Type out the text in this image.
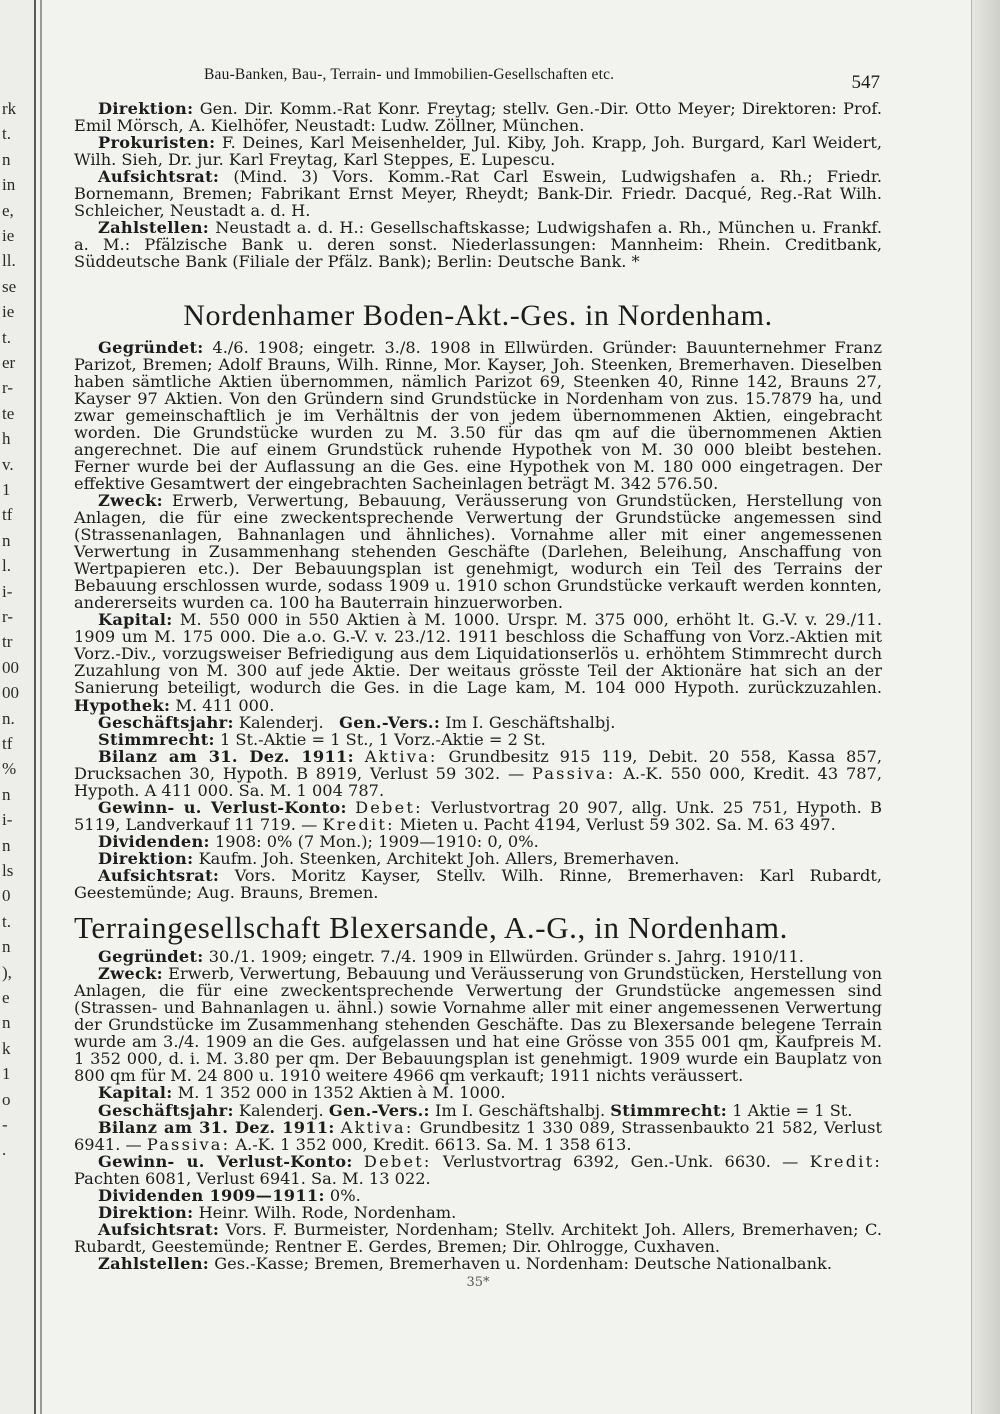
rk
t.
n
in
e,
ie
ll.
se
ie
t.
er
r-
te
h
v.
1
tf
n
l.
i-
r-
tr
00
00
n.
tf
%
n
i-
n
ls
0
t.
n
),
e
n
k
1
o
-
.
Bau-Banken, Bau-, Terrain- und Immobilien-Gesellschaften etc.	547

Direktion: Gen. Dir. Komm.-Rat Konr. Freytag; stellv. Gen.-Dir. Otto Meyer; Direktoren: Prof. Emil Mörsch, A. Kielhöfer, Neustadt: Ludw. Zöllner, München.

Prokuristen: F. Deines, Karl Meisenhelder, Jul. Kiby, Joh. Krapp, Joh. Burgard, Karl Weidert, Wilh. Sieh, Dr. jur. Karl Freytag, Karl Steppes, E. Lupescu.

Aufsichtsrat: (Mind. 3) Vors. Komm.-Rat Carl Eswein, Ludwigshafen a. Rh.; Friedr. Bornemann, Bremen; Fabrikant Ernst Meyer, Rheydt; Bank-Dir. Friedr. Dacqué, Reg.-Rat Wilh. Schleicher, Neustadt a. d. H.

Zahlstellen: Neustadt a. d. H.: Gesellschaftskasse; Ludwigshafen a. Rh., München u. Frankf. a. M.: Pfälzische Bank u. deren sonst. Niederlassungen: Mannheim: Rhein. Creditbank, Süddeutsche Bank (Filiale der Pfälz. Bank); Berlin: Deutsche Bank. *

Nordenhamer Boden-Akt.-Ges. in Nordenham.

Gegründet: 4./6. 1908; eingetr. 3./8. 1908 in Ellwürden. Gründer: Bauunternehmer Franz Parizot, Bremen; Adolf Brauns, Wilh. Rinne, Mor. Kayser, Joh. Steenken, Bremerhaven. Dieselben haben sämtliche Aktien übernommen, nämlich Parizot 69, Steenken 40, Rinne 142, Brauns 27, Kayser 97 Aktien. Von den Gründern sind Grundstücke in Nordenham von zus. 15.7879 ha, und zwar gemeinschaftlich je im Verhältnis der von jedem übernommenen Aktien, eingebracht worden. Die Grundstücke wurden zu M. 3.50 für das qm auf die übernommenen Aktien angerechnet. Die auf einem Grundstück ruhende Hypothek von M. 30 000 bleibt bestehen. Ferner wurde bei der Auflassung an die Ges. eine Hypothek von M. 180 000 eingetragen. Der effektive Gesamtwert der eingebrachten Sacheinlagen beträgt M. 342 576.50.

Zweck: Erwerb, Verwertung, Bebauung, Veräusserung von Grundstücken, Herstellung von Anlagen, die für eine zweckentsprechende Verwertung der Grundstücke angemessen sind (Strassenanlagen, Bahnanlagen und ähnliches). Vornahme aller mit einer angemessenen Verwertung in Zusammenhang stehenden Geschäfte (Darlehen, Beleihung, Anschaffung von Wertpapieren etc.). Der Bebauungsplan ist genehmigt, wodurch ein Teil des Terrains der Bebauung erschlossen wurde, sodass 1909 u. 1910 schon Grundstücke verkauft werden konnten, andererseits wurden ca. 100 ha Bauterrain hinzuerworben.

Kapital: M. 550 000 in 550 Aktien à M. 1000. Urspr. M. 375 000, erhöht lt. G.-V. v. 29./11. 1909 um M. 175 000. Die a.o. G.-V. v. 23./12. 1911 beschloss die Schaffung von Vorz.-Aktien mit Vorz.-Div., vorzugsweiser Befriedigung aus dem Liquidationserlös u. erhöhtem Stimmrecht durch Zuzahlung von M. 300 auf jede Aktie. Der weitaus grösste Teil der Aktionäre hat sich an der Sanierung beteiligt, wodurch die Ges. in die Lage kam, M. 104 000 Hypoth. zurückzuzahlen. Hypothek: M. 411 000.

Geschäftsjahr: Kalenderj. Gen.-Vers.: Im I. Geschäftshalbj.

Stimmrecht: 1 St.-Aktie = 1 St., 1 Vorz.-Aktie = 2 St.

Bilanz am 31. Dez. 1911: Aktiva: Grundbesitz 915 119, Debit. 20 558, Kassa 857, Drucksachen 30, Hypoth. B 8919, Verlust 59 302. — Passiva: A.-K. 550 000, Kredit. 43 787, Hypoth. A 411 000. Sa. M. 1 004 787.

Gewinn- u. Verlust-Konto: Debet: Verlustvortrag 20 907, allg. Unk. 25 751, Hypoth. B 5119, Landverkauf 11 719. — Kredit: Mieten u. Pacht 4194, Verlust 59 302. Sa. M. 63 497.

Dividenden: 1908: 0% (7 Mon.); 1909—1910: 0, 0%.

Direktion: Kaufm. Joh. Steenken, Architekt Joh. Allers, Bremerhaven.

Aufsichtsrat: Vors. Moritz Kayser, Stellv. Wilh. Rinne, Bremerhaven: Karl Rubardt, Geestemünde; Aug. Brauns, Bremen.

Terraingesellschaft Blexersande, A.-G., in Nordenham.

Gegründet: 30./1. 1909; eingetr. 7./4. 1909 in Ellwürden. Gründer s. Jahrg. 1910/11.

Zweck: Erwerb, Verwertung, Bebauung und Veräusserung von Grundstücken, Herstellung von Anlagen, die für eine zweckentsprechende Verwertung der Grundstücke angemessen sind (Strassen- und Bahnanlagen u. ähnl.) sowie Vornahme aller mit einer angemessenen Verwertung der Grundstücke im Zusammenhang stehenden Geschäfte. Das zu Blexersande belegene Terrain wurde am 3./4. 1909 an die Ges. aufgelassen und hat eine Grösse von 355 001 qm, Kaufpreis M. 1 352 000, d. i. M. 3.80 per qm. Der Bebauungsplan ist genehmigt. 1909 wurde ein Bauplatz von 800 qm für M. 24 800 u. 1910 weitere 4966 qm verkauft; 1911 nichts veräussert.

Kapital: M. 1 352 000 in 1352 Aktien à M. 1000.

Geschäftsjahr: Kalenderj. Gen.-Vers.: Im I. Geschäftshalbj. Stimmrecht: 1 Aktie = 1 St.

Bilanz am 31. Dez. 1911: Aktiva: Grundbesitz 1 330 089, Strassenbaukto 21 582, Verlust 6941. — Passiva: A.-K. 1 352 000, Kredit. 6613. Sa. M. 1 358 613.

Gewinn- u. Verlust-Konto: Debet: Verlustvortrag 6392, Gen.-Unk. 6630. — Kredit: Pachten 6081, Verlust 6941. Sa. M. 13 022.

Dividenden 1909—1911: 0%.

Direktion: Heinr. Wilh. Rode, Nordenham.

Aufsichtsrat: Vors. F. Burmeister, Nordenham; Stellv. Architekt Joh. Allers, Bremerhaven; C. Rubardt, Geestemünde; Rentner E. Gerdes, Bremen; Dir. Ohlrogge, Cuxhaven.

Zahlstellen: Ges.-Kasse; Bremen, Bremerhaven u. Nordenham: Deutsche Nationalbank.

35*
